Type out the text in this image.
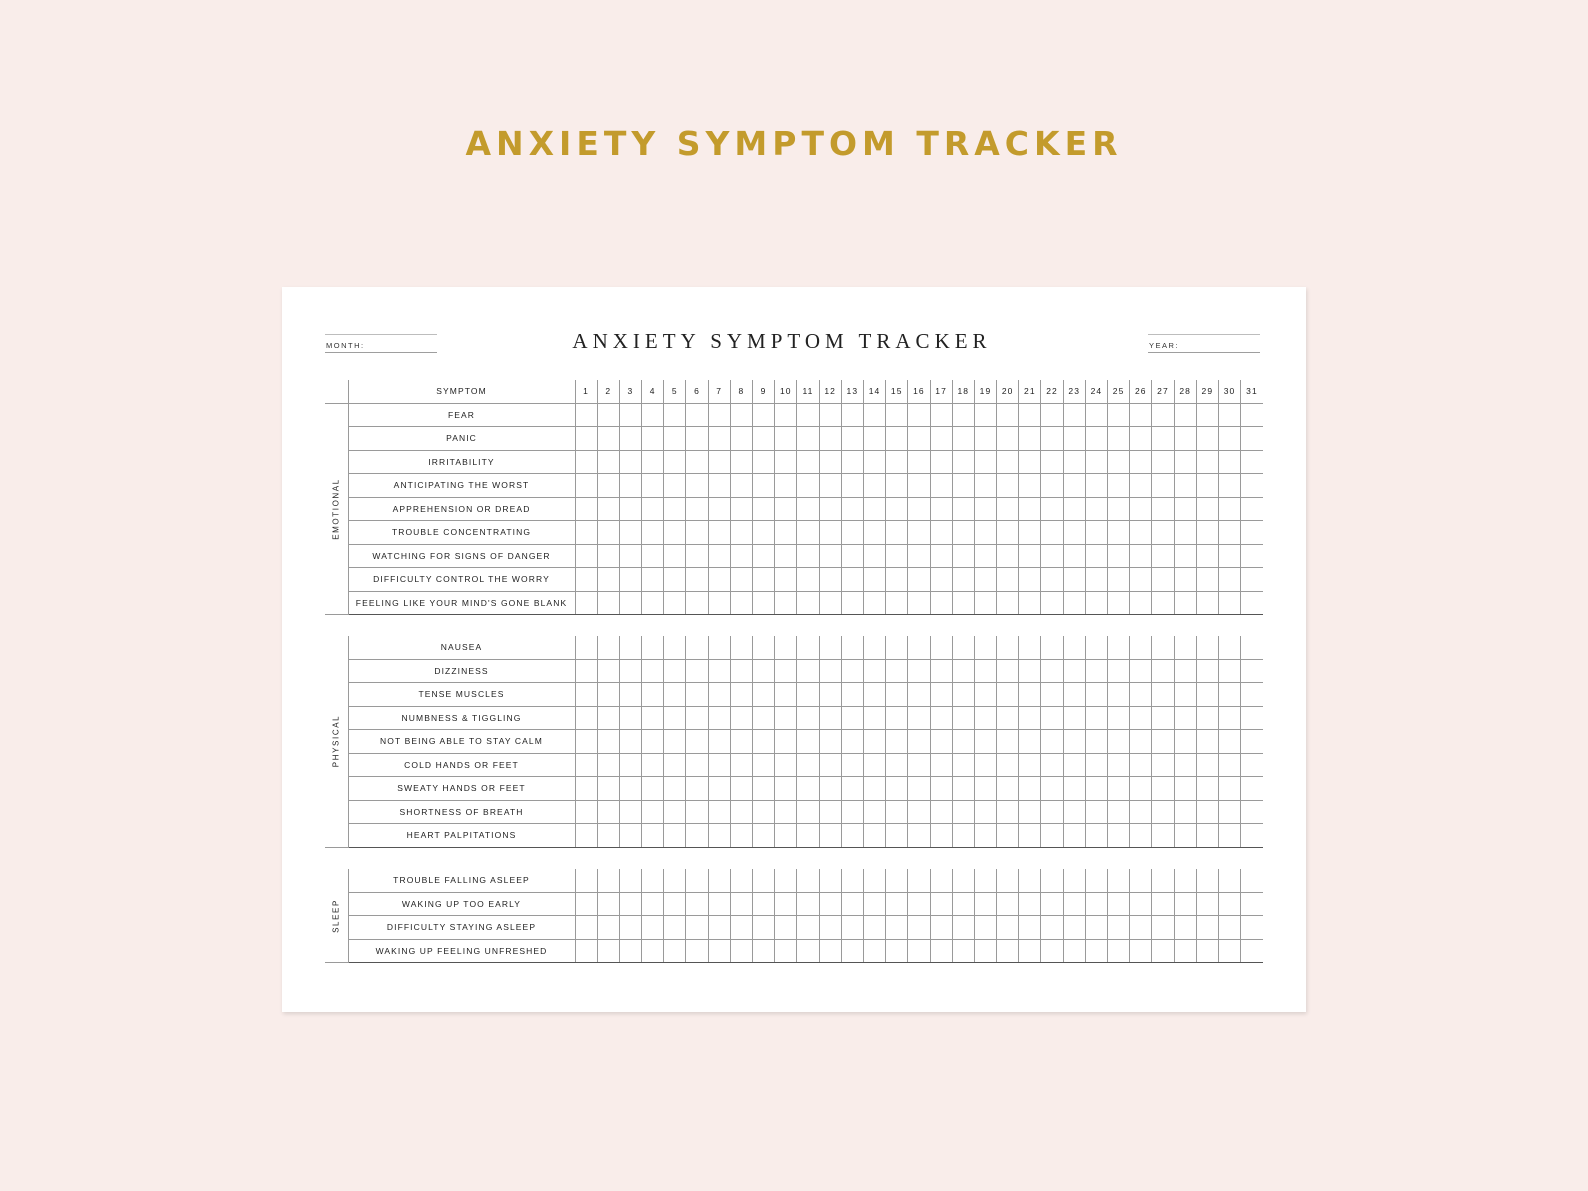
ANXIETY SYMPTOM TRACKER
MONTH:	ANXIETY SYMPTOM TRACKER	YEAR:
	SYMPTOM	1	2	3	4	5	6	7	8	9	10	11	12	13	14	15	16	17	18	19	20	21	22	23	24	25	26	27	28	29	30	31

EMOTIONAL	FEAR																															
	PANIC																															
	IRRITABILITY																															
	ANTICIPATING THE WORST																															
	APPREHENSION OR DREAD																															
	TROUBLE CONCENTRATING																															
	WATCHING FOR SIGNS OF DANGER																															
	DIFFICULTY CONTROL THE WORRY																															
	FEELING LIKE YOUR MIND'S GONE BLANK																															
PHYSICAL	NAUSEA																															
	DIZZINESS																															
	TENSE MUSCLES																															
	NUMBNESS & TIGGLING																															
	NOT BEING ABLE TO STAY CALM																															
	COLD HANDS OR FEET																															
	SWEATY HANDS OR FEET																															
	SHORTNESS OF BREATH																															
	HEART PALPITATIONS																															
SLEEP	TROUBLE FALLING ASLEEP																															
	WAKING UP TOO EARLY																															
	DIFFICULTY STAYING ASLEEP																															
	WAKING UP FEELING UNFRESHED																															
